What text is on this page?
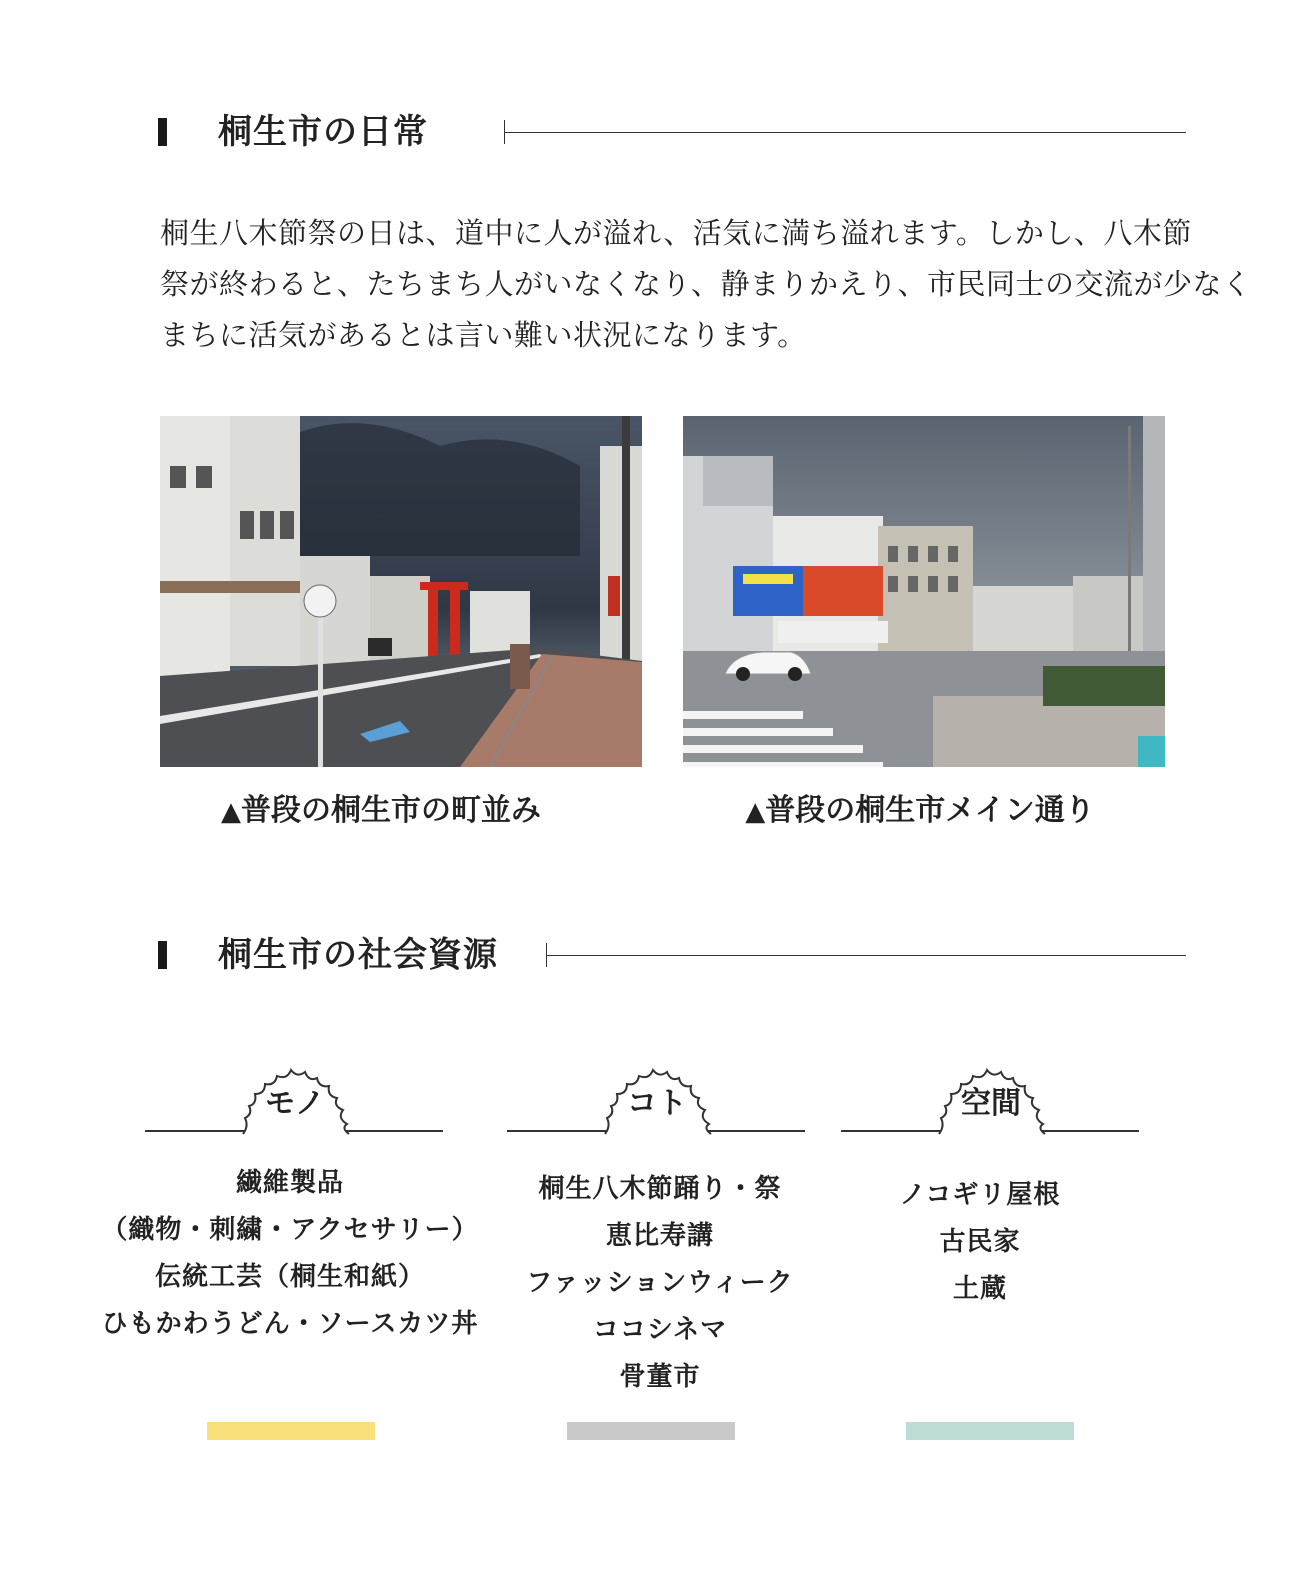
桐生市の日常

桐生八木節祭の日は、道中に人が溢れ、活気に満ち溢れます。しかし、八木節

祭が終わると、たちまち人がいなくなり、静まりかえり、市民同士の交流が少なく

まちに活気があるとは言い難い状況になります。

▲普段の桐生市の町並み	▲普段の桐生市メイン通り
桐生市の社会資源
モノ	コト	空間
繊維製品
（織物・刺繍・アクセサリー）
伝統工芸（桐生和紙）
ひもかわうどん・ソースカツ丼
桐生八木節踊り・祭
恵比寿講
ファッションウィーク
ココシネマ
骨董市
ノコギリ屋根
古民家
土蔵
